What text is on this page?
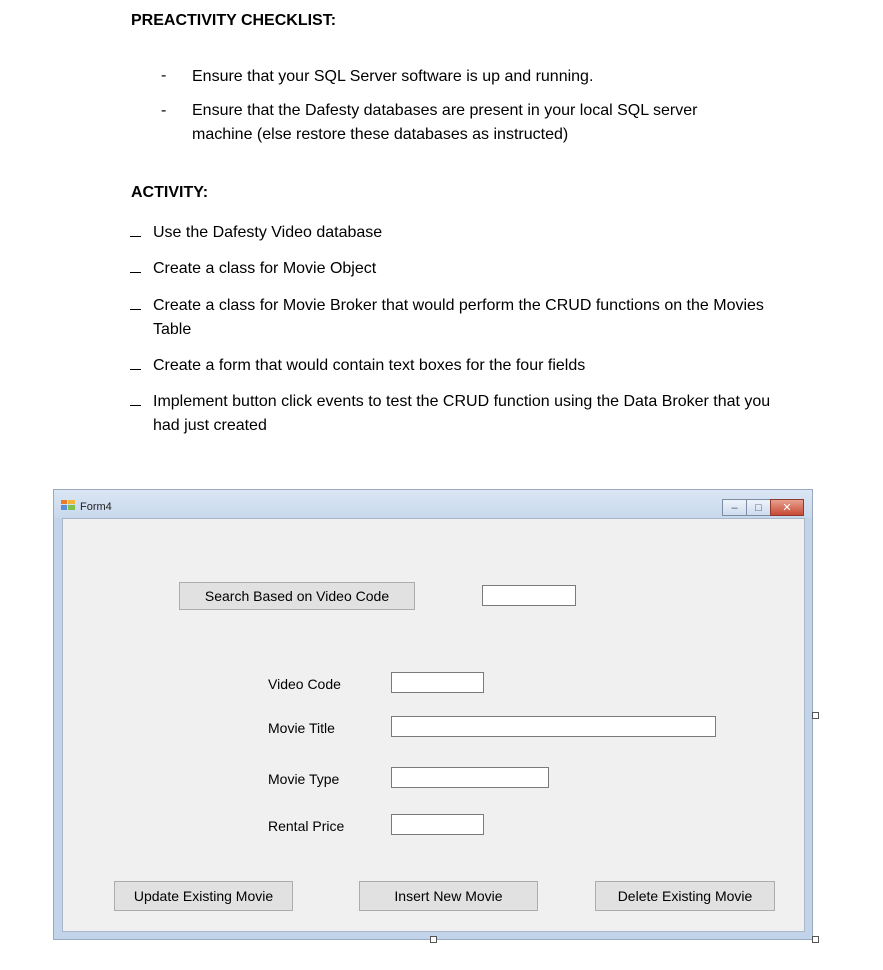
PREACTIVITY CHECKLIST:
- Ensure that your SQL Server software is up and running.
- Ensure that the Dafesty databases are present in your local SQL server
machine (else restore these databases as instructed)
ACTIVITY:
Use the Dafesty Video database
Create a class for Movie Object
Create a class for Movie Broker that would perform the CRUD functions on the Movies
Table
Create a form that would contain text boxes for the four fields
Implement button click events to test the CRUD function using the Data Broker that you
had just created
Form4	–	□	✕
Search Based on Video Code
Video Code
Movie Title
Movie Type
Rental Price
Update Existing Movie	Insert New Movie	Delete Existing Movie
